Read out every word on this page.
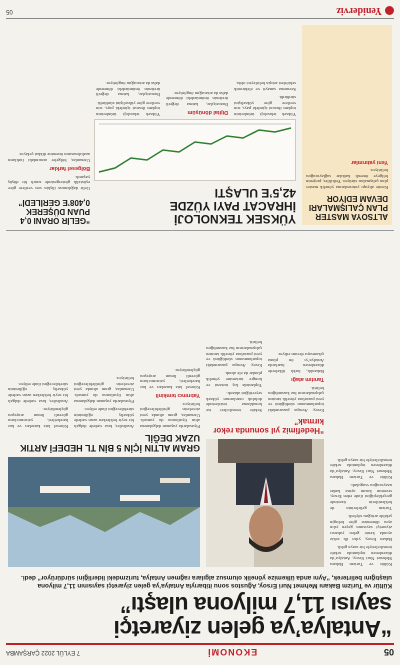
05
EKONOMİ
7 EYLÜL 2022 ÇARŞAMBA
“Antalya’ya gelen ziyaretçi
sayısı 11,7 milyona ulaştı”
Kültür ve Turizm Bakanı Mehmet Nuri Ersoy, Ağustos sonu itibarıyla Antalya’ya gelen ziyaretçi sayısının 11,7 milyona ulaştığını belirterek, “Aynı anda ülkemize yönelik olumsuz algılara rağmen Antalya, turizmdeki liderliğini sürdürüyor” dedi.

Kültür ve Turizm Bakanı Mehmet Nuri Ersoy, Antalya’da düzenlenen toplantıda sektör temsilcileriyle bir araya geldi.

Bakan Ersoy, yılın ilk sekiz ayında kente gelen yabancı ziyaretçi sayısının geçen yılın aynı dönemine göre belirgin şekilde arttığını söyledi.

Turizm gelirlerinin de beklentilerin üzerinde gerçekleştiğini ifade eden Ersoy, sezonun kasım ayına kadar uzayacağını vurguladı.

Kültür ve Turizm Bakanı Mehmet Nuri Ersoy, Antalya’da düzenlenen toplantıda sektör temsilcileriyle bir araya geldi.

“Hedefimiz yıl sonunda rekor kırmak”

Ersoy, Avrupa pazarındaki toparlanmanın sürdüğünü ve yeni pazarlara yönelik tanıtım çalışmalarının hız kazandığını belirtti.

Tanıtım atağı

Bakanlık, farklı ülkelerde düzenlenen fuarlarda Antalya’yı ön plana çıkarmaya devam ediyor.

Sektör temsilcileri ise konaklama tesislerinde doluluk oranlarının yüksek seyrettiğini aktardı.

Toplantıda kış turizmi ve kongre turizmine yönelik planlar da ele alındı.

Ersoy, Avrupa pazarındaki toparlanmanın sürdüğünü ve yeni pazarlara yönelik tanıtım çalışmalarının hız kazandığını belirtti.

GRAM ALTIN İÇİN 5 BİN TL HEDEFİ ARTIK UZAK DEĞİL

Piyasalarda yaşanan dalgalanma altın fiyatlarına da yansıdı. Uzmanlar, gram altında yeni zirvelerin görülebileceğini belirtiyor.

Yatırımcı temkinli

Küresel faiz kararları ve kur hareketleri, yatırımcıların güvenli liman arayışını güçlendiriyor.

Analistler, kısa vadede dalgalı bir seyir beklerken uzun vadede yükseliş eğiliminin sürebileceğini ifade ediyor.

Piyasalarda yaşanan dalgalanma altın fiyatlarına da yansıdı. Uzmanlar, gram altında yeni zirvelerin görülebileceğini belirtiyor.

Küresel faiz kararları ve kur hareketleri, yatırımcıların güvenli liman arayışını güçlendiriyor.

Analistler, kısa vadede dalgalı bir seyir beklerken uzun vadede yükseliş eğiliminin sürebileceğini ifade ediyor.

ALTSOYA MASTER PLAN ÇALIŞMALARI DEVAM EDİYOR

Kentte altyapı yatırımlarına yönelik master plan çalışmaları sürüyor. Yetkililer, projenin bölgeye önemli katkılar sağlayacağını belirtiyor.

Yeni yatırımlar
YÜKSEK TEKNOLOJİ
İHRACAT PAYI YÜZDE
42,5’E ULAŞTI

Yüksek teknoloji ürünlerinin toplam ihracat içindeki payı, son verilere göre yükselişini sürdürdü.

Savunma sanayii ve elektronik sektörleri artışta belirleyici oldu.

Dijital dönüşüm

İhracatçılar, katma değerli üretimin önümüzdeki dönemde daha da artacağını öngörüyor.

Yüksek teknoloji ürünlerinin toplam ihracat içindeki payı, son verilere göre yükselişini sürdürdü.

İhracatçılar, katma değerli üretimin önümüzdeki dönemde daha da artacağını öngörüyor.

“GELİR ORANI 0,4 PUAN DÜŞEREK 0,408’E GERİLEDİ”

Gelir dağılımına ilişkin son verilere göre eşitsizlik göstergesinde sınırlı bir düşüş yaşandı.

Bölgesel farklar

Uzmanlar, bölgeler arasındaki farkların azaltılmasının önemine dikkat çekiyor.

Yeniderviz
05
